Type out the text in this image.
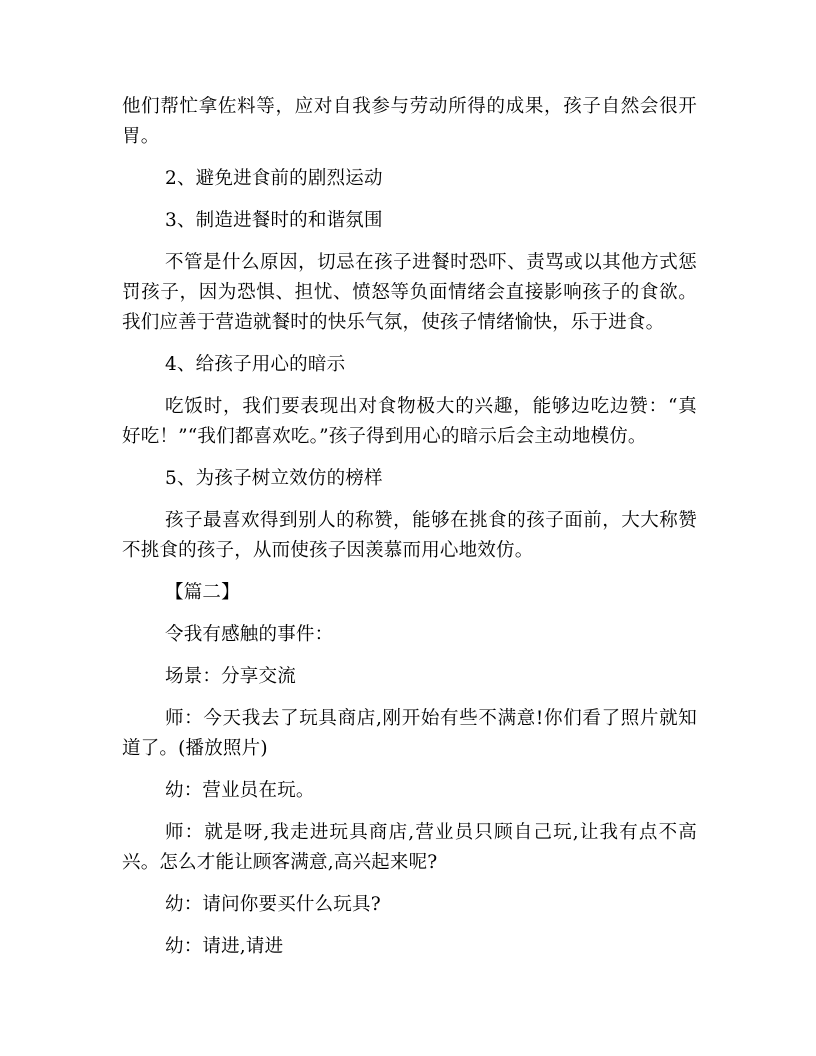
他们帮忙拿佐料等，应对自我参与劳动所得的成果，孩子自然会很开胃。

2、避免进食前的剧烈运动

3、制造进餐时的和谐氛围

不管是什么原因，切忌在孩子进餐时恐吓、责骂或以其他方式惩罚孩子，因为恐惧、担忧、愤怒等负面情绪会直接影响孩子的食欲。我们应善于营造就餐时的快乐气氛，使孩子情绪愉快，乐于进食。

4、给孩子用心的暗示

吃饭时，我们要表现出对食物极大的兴趣，能够边吃边赞：“真好吃！”“我们都喜欢吃。”孩子得到用心的暗示后会主动地模仿。

5、为孩子树立效仿的榜样

孩子最喜欢得到别人的称赞，能够在挑食的孩子面前，大大称赞不挑食的孩子，从而使孩子因羡慕而用心地效仿。

【篇二】

令我有感触的事件：

场景：分享交流

师：今天我去了玩具商店,刚开始有些不满意!你们看了照片就知道了。(播放照片)

幼：营业员在玩。

师：就是呀,我走进玩具商店,营业员只顾自己玩,让我有点不高兴。怎么才能让顾客满意,高兴起来呢?

幼：请问你要买什么玩具?

幼：请进,请进
